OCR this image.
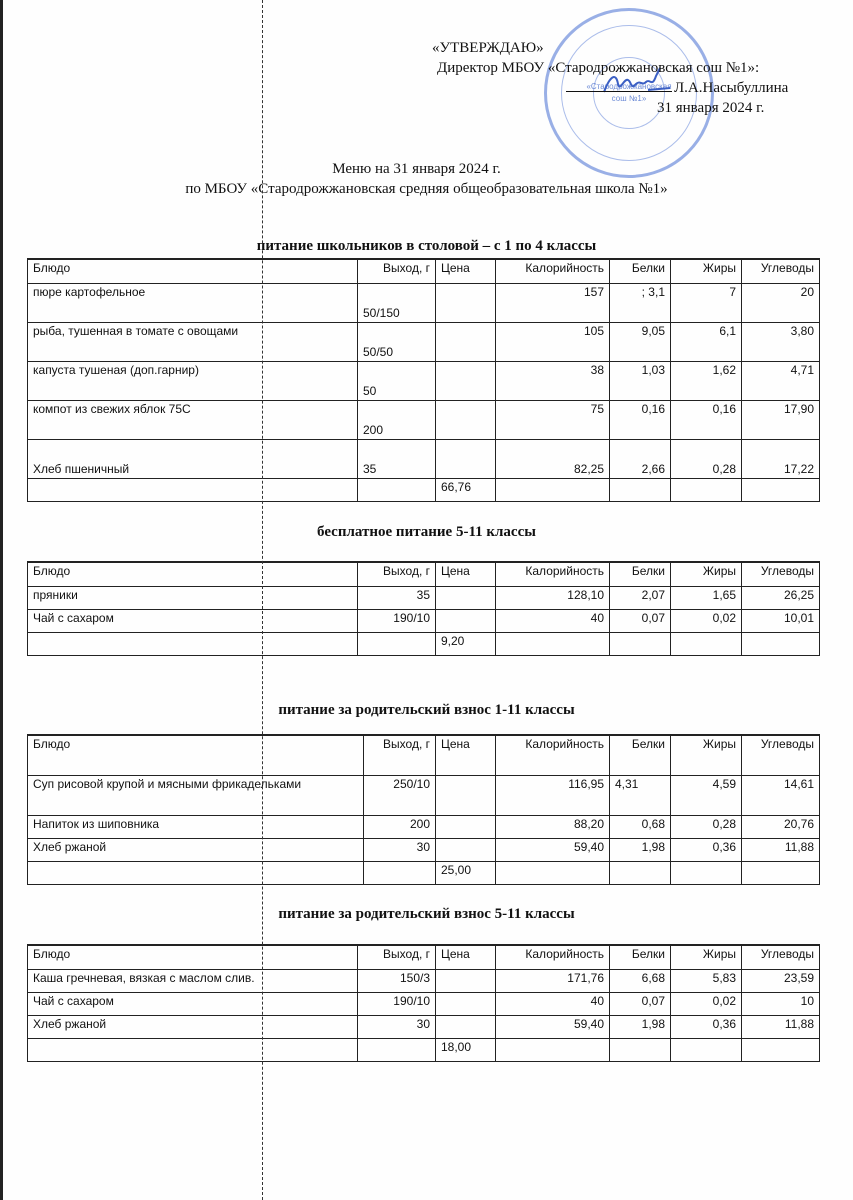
«Стародрожжановская
сош №1»
«УТВЕРЖДАЮ»
Директор МБОУ «Стародрожжановская сош №1»:
Л.А.Насыбуллина
31 января 2024 г.
Меню на 31 января 2024 г.
по МБОУ «Стародрожжановская средняя общеобразовательная школа №1»
питание школьников в столовой – с 1 по 4 классы
Блюдо	Выход, г	Цена	Калорийность	Белки	Жиры	Углеводы
пюре картофельное	50/150		157	; 3,1	7	20
рыба, тушенная в томате с овощами	50/50		105	9,05	6,1	3,80
капуста тушеная (доп.гарнир)	50		38	1,03	1,62	4,71
компот из свежих яблок 75С	200		75	0,16	0,16	17,90
Хлеб пшеничный	35		82,25	2,66	0,28	17,22
		66,76				
бесплатное питание 5-11 классы
Блюдо	Выход, г	Цена	Калорийность	Белки	Жиры	Углеводы
пряники	35		128,10	2,07	1,65	26,25
Чай с сахаром	190/10		40	0,07	0,02	10,01
		9,20				
питание за родительский взнос 1-11 классы
Блюдо	Выход, г	Цена	Калорийность	Белки	Жиры	Углеводы
Суп рисовой крупой и мясными фрикадельками	250/10		116,95	4,31	4,59	14,61
Напиток из шиповника	200		88,20	0,68	0,28	20,76
Хлеб ржаной	30		59,40	1,98	0,36	11,88
		25,00				
питание за родительский взнос 5-11 классы
Блюдо	Выход, г	Цена	Калорийность	Белки	Жиры	Углеводы
Каша гречневая, вязкая с маслом слив.	150/3		171,76	6,68	5,83	23,59
Чай с сахаром	190/10		40	0,07	0,02	10
Хлеб ржаной	30		59,40	1,98	0,36	11,88
		18,00				
